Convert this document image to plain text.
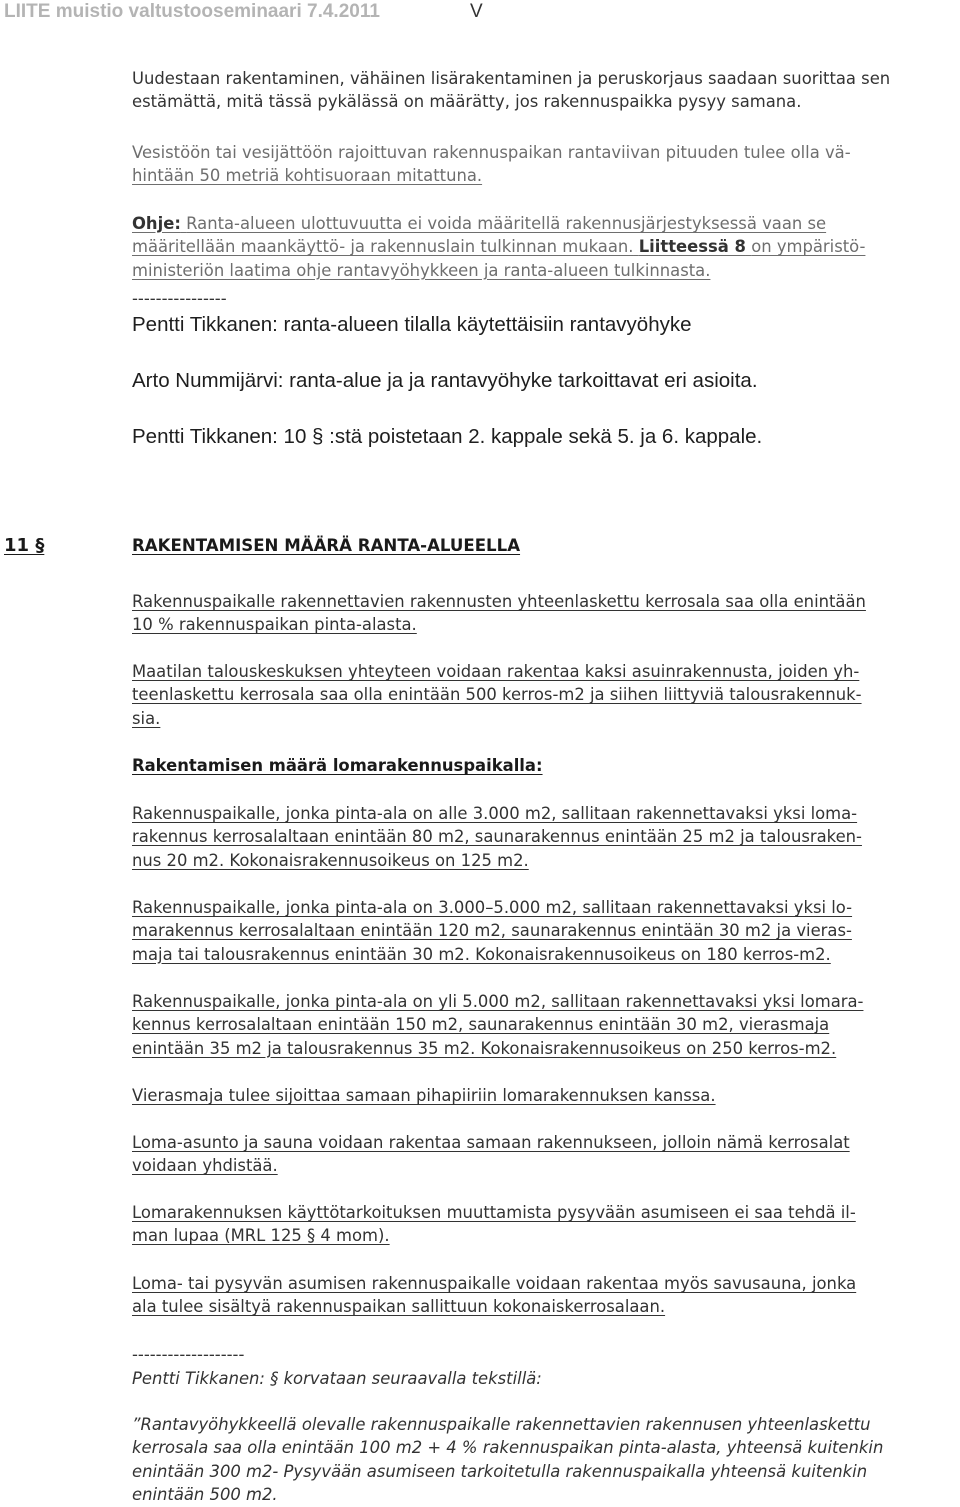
LIITE muistio valtustooseminaari 7.4.2011	V
Uudestaan rakentaminen, vähäinen lisärakentaminen ja peruskorjaus saadaan suorittaa sen estämättä, mitä tässä pykälässä on määrätty, jos rakennuspaikka pysyy samana.
Vesistöön tai vesijättöön rajoittuvan rakennuspaikan rantaviivan pituuden tulee olla vä-
hintään 50 metriä kohtisuoraan mitattuna.
Ohje: Ranta-alueen ulottuvuutta ei voida määritellä rakennusjärjestyksessä vaan se
määritellään maankäyttö- ja rakennuslain tulkinnan mukaan. Liitteessä 8 on ympäristö-
ministeriön laatima ohje rantavyöhykkeen ja ranta-alueen tulkinnasta.
----------------
Pentti Tikkanen: ranta-alueen tilalla käytettäisiin rantavyöhyke
Arto Nummijärvi: ranta-alue ja ja rantavyöhyke tarkoittavat eri asioita.
Pentti Tikkanen: 10 § :stä poistetaan 2. kappale sekä 5. ja 6. kappale.
11 §	RAKENTAMISEN MÄÄRÄ RANTA-ALUEELLA
Rakennuspaikalle rakennettavien rakennusten yhteenlaskettu kerrosala saa olla enintään
10 % rakennuspaikan pinta-alasta.
Maatilan talouskeskuksen yhteyteen voidaan rakentaa kaksi asuinrakennusta, joiden yh-
teenlaskettu kerrosala saa olla enintään 500 kerros-m2 ja siihen liittyviä talousrakennuk-
sia.
Rakentamisen määrä lomarakennuspaikalla:
Rakennuspaikalle, jonka pinta-ala on alle 3.000 m2, sallitaan rakennettavaksi yksi loma-
rakennus kerrosalaltaan enintään 80 m2, saunarakennus enintään 25 m2 ja talousraken-
nus 20 m2. Kokonaisrakennusoikeus on 125 m2.
Rakennuspaikalle, jonka pinta-ala on 3.000–5.000 m2, sallitaan rakennettavaksi yksi lo-
marakennus kerrosalaltaan enintään 120 m2, saunarakennus enintään 30 m2 ja vieras-
maja tai talousrakennus enintään 30 m2. Kokonaisrakennusoikeus on 180 kerros-m2.
Rakennuspaikalle, jonka pinta-ala on yli 5.000 m2, sallitaan rakennettavaksi yksi lomara-
kennus kerrosalaltaan enintään 150 m2, saunarakennus enintään 30 m2, vierasmaja
enintään 35 m2 ja talousrakennus 35 m2. Kokonaisrakennusoikeus on 250 kerros-m2.
Vierasmaja tulee sijoittaa samaan pihapiiriin lomarakennuksen kanssa.
Loma-asunto ja sauna voidaan rakentaa samaan rakennukseen, jolloin nämä kerrosalat
voidaan yhdistää.
Lomarakennuksen käyttötarkoituksen muuttamista pysyvään asumiseen ei saa tehdä il-
man lupaa (MRL 125 § 4 mom).
Loma- tai pysyvän asumisen rakennuspaikalle voidaan rakentaa myös savusauna, jonka
ala tulee sisältyä rakennuspaikan sallittuun kokonaiskerrosalaan.
-------------------
Pentti Tikkanen: § korvataan seuraavalla tekstillä:
”Rantavyöhykkeellä olevalle rakennuspaikalle rakennettavien rakennusen yhteenlaskettu
kerrosala saa olla enintään 100 m2 + 4 % rakennuspaikan pinta-alasta, yhteensä kuitenkin
enintään 300 m2- Pysyvään asumiseen tarkoitetulla rakennuspaikalla yhteensä kuitenkin
enintään 500 m2.
